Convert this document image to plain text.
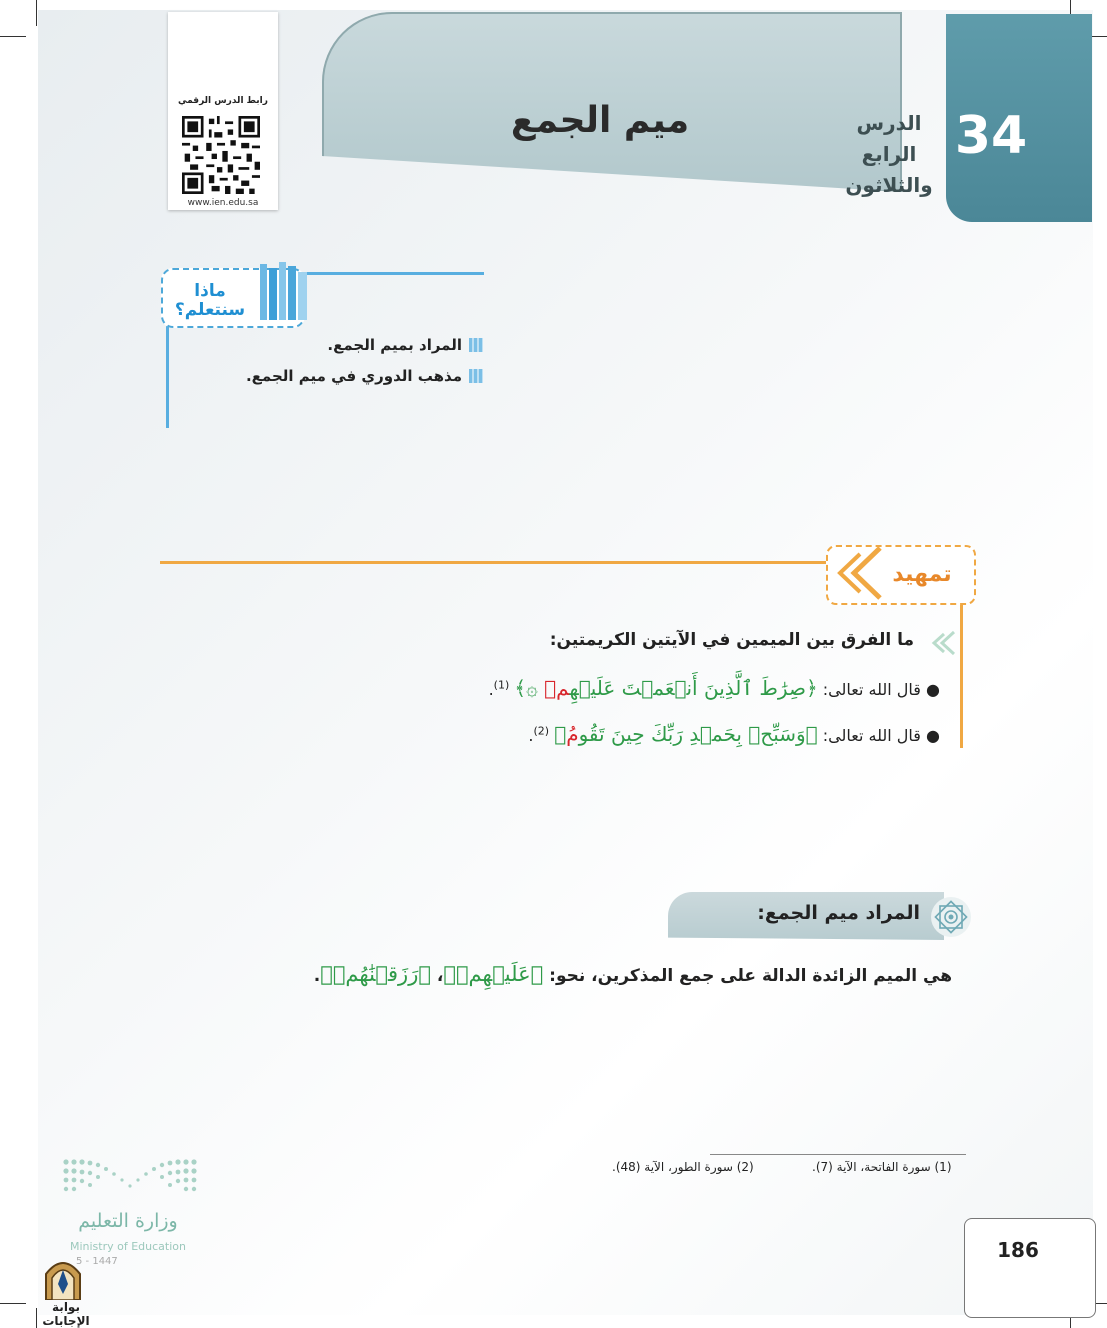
رابط الدرس الرقمي
www.ien.edu.sa
ميم الجمع	الدرس الرابع
والثلاثون
34
ماذا
سنتعلم؟
المراد بميم الجمع.
مذهب الدوري في ميم الجمع.
تمهيد
ما الفرق بين الميمين في الآيتين الكريمتين:
● قال الله تعالى: ﴿صِرَٰطَ ٱلَّذِينَ أَنۡعَمۡتَ عَلَيۡهِمۡ ۞﴾ $^{(1)}$.
● قال الله تعالى: ﴿وَسَبِّحۡ بِحَمۡدِ رَبِّكَ حِينَ تَقُومُ﴾ $^{(2)}$.
المراد ميم الجمع:
هي الميم الزائدة الدالة على جمع المذكرين، نحو: ﴿عَلَيۡهِمۡ﴾، ﴿رَزَقۡنَٰهُمۡ﴾.
(1) سورة الفاتحة، الآية (7).
(2) سورة الطور، الآية (48).
186
وزارة التعليم
Ministry of Education
5 - 1447
بوابة الإجابات
